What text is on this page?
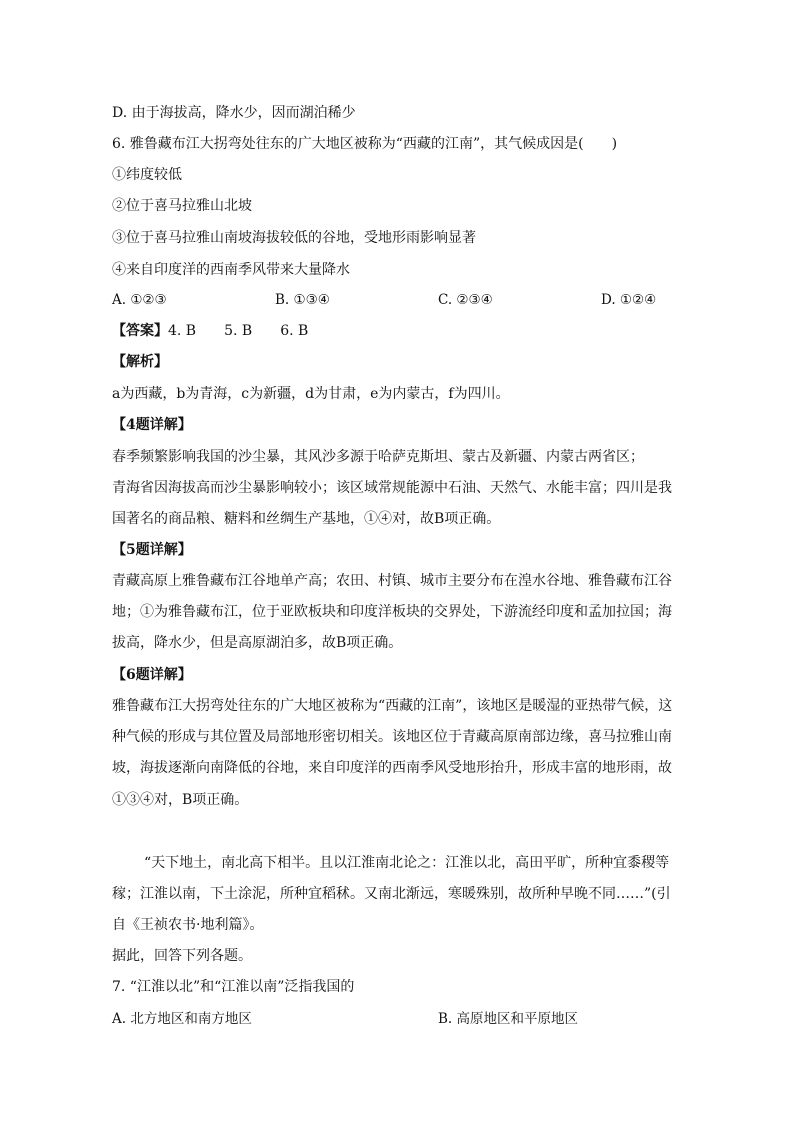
D. 由于海拔高，降水少，因而湖泊稀少
6. 雅鲁藏布江大拐弯处往东的广大地区被称为“西藏的江南”，其气候成因是(　　)
①纬度较低
②位于喜马拉雅山北坡
③位于喜马拉雅山南坡海拔较低的谷地，受地形雨影响显著
④来自印度洋的西南季风带来大量降水
A. ①②③	B. ①③④	C. ②③④	D. ①②④
【答案】4. B　　5. B　　6. B
【解析】
a为西藏，b为青海，c为新疆，d为甘肃，e为内蒙古，f为四川。
【4题详解】
春季频繁影响我国的沙尘暴，其风沙多源于哈萨克斯坦、蒙古及新疆、内蒙古两省区；
青海省因海拔高而沙尘暴影响较小；该区域常规能源中石油、天然气、水能丰富；四川是我
国著名的商品粮、糖料和丝绸生产基地，①④对，故B项正确。
【5题详解】
青藏高原上雅鲁藏布江谷地单产高；农田、村镇、城市主要分布在湟水谷地、雅鲁藏布江谷
地；①为雅鲁藏布江，位于亚欧板块和印度洋板块的交界处，下游流经印度和孟加拉国；海
拔高，降水少，但是高原湖泊多，故B项正确。
【6题详解】
雅鲁藏布江大拐弯处往东的广大地区被称为“西藏的江南”，该地区是暖湿的亚热带气候，这
种气候的形成与其位置及局部地形密切相关。该地区位于青藏高原南部边缘，喜马拉雅山南
坡，海拔逐渐向南降低的谷地，来自印度洋的西南季风受地形抬升，形成丰富的地形雨，故
①③④对，B项正确。
“天下地土，南北高下相半。且以江淮南北论之：江淮以北，高田平旷，所种宜黍稷等
稼；江淮以南，下土涂泥，所种宜稻秫。又南北渐远，寒暖殊别，故所种早晚不同……”(引
自《王祯农书·地利篇》。
据此，回答下列各题。
7. “江淮以北”和“江淮以南”泛指我国的
A. 北方地区和南方地区	B. 高原地区和平原地区
